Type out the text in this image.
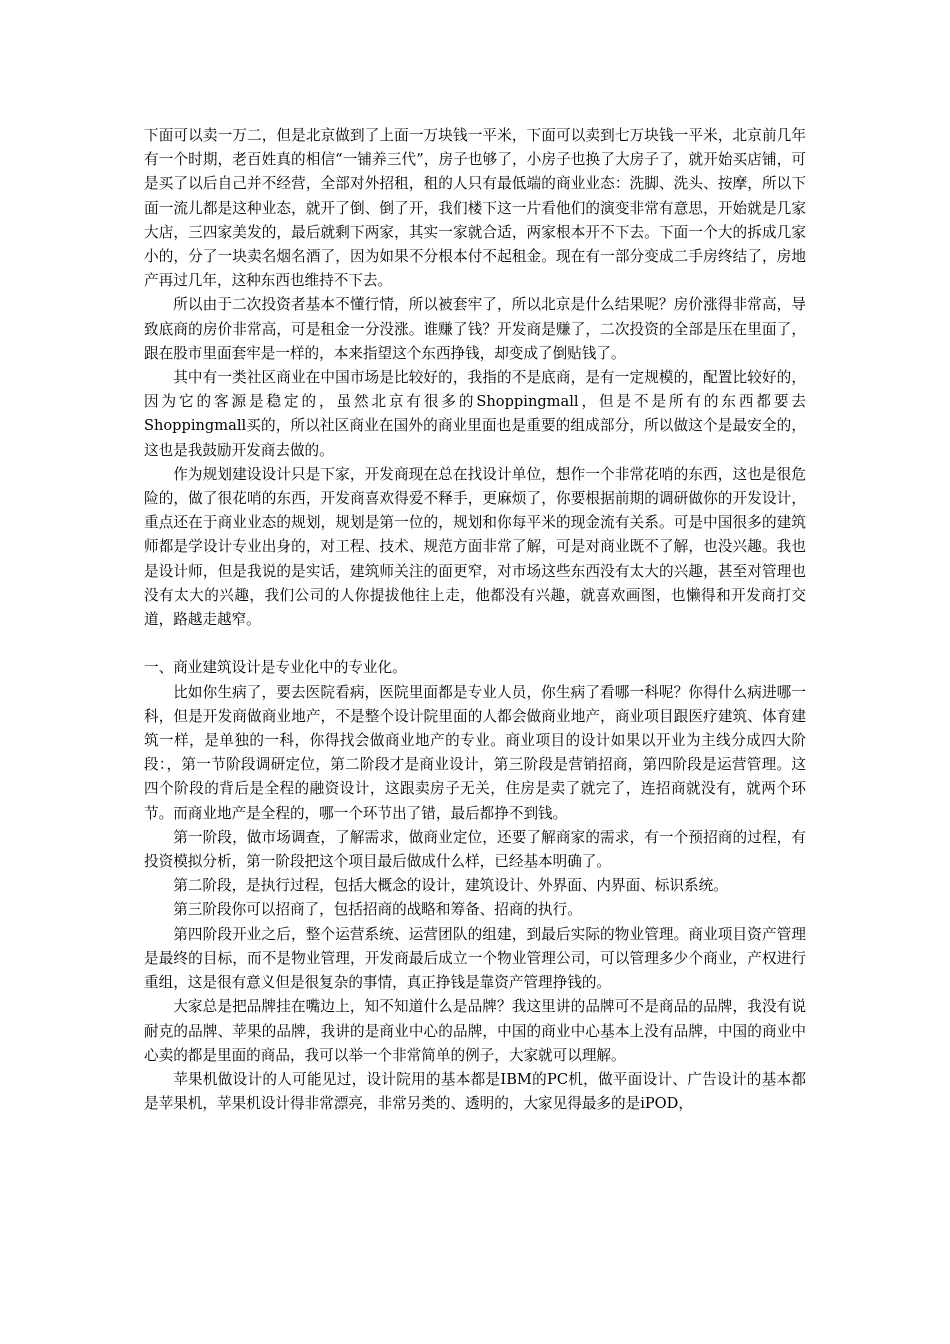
下面可以卖一万二，但是北京做到了上面一万块钱一平米，下面可以卖到七万块钱一平米，北京前几年有一个时期，老百姓真的相信“一铺养三代”，房子也够了，小房子也换了大房子了，就开始买店铺，可是买了以后自己并不经营，全部对外招租，租的人只有最低端的商业业态：洗脚、洗头、按摩，所以下面一流儿都是这种业态，就开了倒、倒了开，我们楼下这一片看他们的演变非常有意思，开始就是几家大店，三四家美发的，最后就剩下两家，其实一家就合适，两家根本开不下去。下面一个大的拆成几家小的，分了一块卖名烟名酒了，因为如果不分根本付不起租金。现在有一部分变成二手房终结了，房地产再过几年，这种东西也维持不下去。

所以由于二次投资者基本不懂行情，所以被套牢了，所以北京是什么结果呢？房价涨得非常高，导致底商的房价非常高，可是租金一分没涨。谁赚了钱？开发商是赚了，二次投资的全部是压在里面了，跟在股市里面套牢是一样的，本来指望这个东西挣钱，却变成了倒贴钱了。

其中有一类社区商业在中国市场是比较好的，我指的不是底商，是有一定规模的，配置比较好的，因为它的客源是稳定的，虽然北京有很多的Shoppingmall，但是不是所有的东西都要去Shoppingmall买的，所以社区商业在国外的商业里面也是重要的组成部分，所以做这个是最安全的，这也是我鼓励开发商去做的。

作为规划建设设计只是下家，开发商现在总在找设计单位，想作一个非常花哨的东西，这也是很危险的，做了很花哨的东西，开发商喜欢得爱不释手，更麻烦了，你要根据前期的调研做你的开发设计，重点还在于商业业态的规划，规划是第一位的，规划和你每平米的现金流有关系。可是中国很多的建筑师都是学设计专业出身的，对工程、技术、规范方面非常了解，可是对商业既不了解，也没兴趣。我也是设计师，但是我说的是实话，建筑师关注的面更窄，对市场这些东西没有太大的兴趣，甚至对管理也没有太大的兴趣，我们公司的人你提拔他往上走，他都没有兴趣，就喜欢画图，也懒得和开发商打交道，路越走越窄。

一、商业建筑设计是专业化中的专业化。

比如你生病了，要去医院看病，医院里面都是专业人员，你生病了看哪一科呢？你得什么病进哪一科，但是开发商做商业地产，不是整个设计院里面的人都会做商业地产，商业项目跟医疗建筑、体育建筑一样，是单独的一科，你得找会做商业地产的专业。商业项目的设计如果以开业为主线分成四大阶段：，第一节阶段调研定位，第二阶段才是商业设计，第三阶段是营销招商，第四阶段是运营管理。这四个阶段的背后是全程的融资设计，这跟卖房子无关，住房是卖了就完了，连招商就没有，就两个环节。而商业地产是全程的，哪一个环节出了错，最后都挣不到钱。

第一阶段，做市场调查，了解需求，做商业定位，还要了解商家的需求，有一个预招商的过程，有投资模拟分析，第一阶段把这个项目最后做成什么样，已经基本明确了。

第二阶段，是执行过程，包括大概念的设计，建筑设计、外界面、内界面、标识系统。

第三阶段你可以招商了，包括招商的战略和筹备、招商的执行。

第四阶段开业之后，整个运营系统、运营团队的组建，到最后实际的物业管理。商业项目资产管理是最终的目标，而不是物业管理，开发商最后成立一个物业管理公司，可以管理多少个商业，产权进行重组，这是很有意义但是很复杂的事情，真正挣钱是靠资产管理挣钱的。

大家总是把品牌挂在嘴边上，知不知道什么是品牌？我这里讲的品牌可不是商品的品牌，我没有说耐克的品牌、苹果的品牌，我讲的是商业中心的品牌，中国的商业中心基本上没有品牌，中国的商业中心卖的都是里面的商品，我可以举一个非常简单的例子，大家就可以理解。

苹果机做设计的人可能见过，设计院用的基本都是IBM的PC机，做平面设计、广告设计的基本都是苹果机，苹果机设计得非常漂亮，非常另类的、透明的，大家见得最多的是iPOD，
